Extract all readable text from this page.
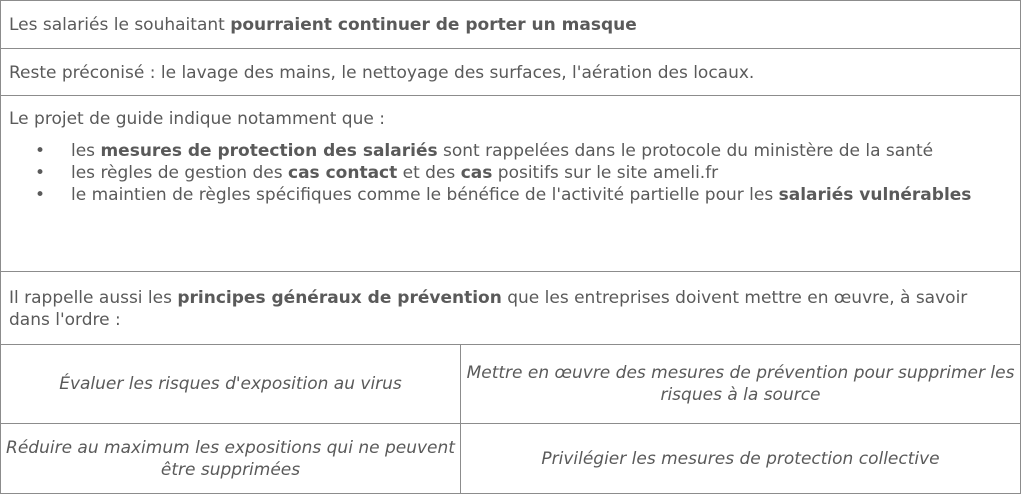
Les salariés le souhaitant pourraient continuer de porter un masque
Reste préconisé : le lavage des mains, le nettoyage des surfaces, l'aération des locaux.
Le projet de guide indique notamment que :
• les mesures de protection des salariés sont rappelées dans le protocole du ministère de la santé
• les règles de gestion des cas contact et des cas positifs sur le site ameli.fr
• le maintien de règles spécifiques comme le bénéfice de l'activité partielle pour les salariés vulnérables
Il rappelle aussi les principes généraux de prévention que les entreprises doivent mettre en œuvre, à savoir dans l'ordre :
Évaluer les risques d'exposition au virus
Mettre en œuvre des mesures de prévention pour supprimer les risques à la source
Réduire au maximum les expositions qui ne peuvent être supprimées
Privilégier les mesures de protection collective
